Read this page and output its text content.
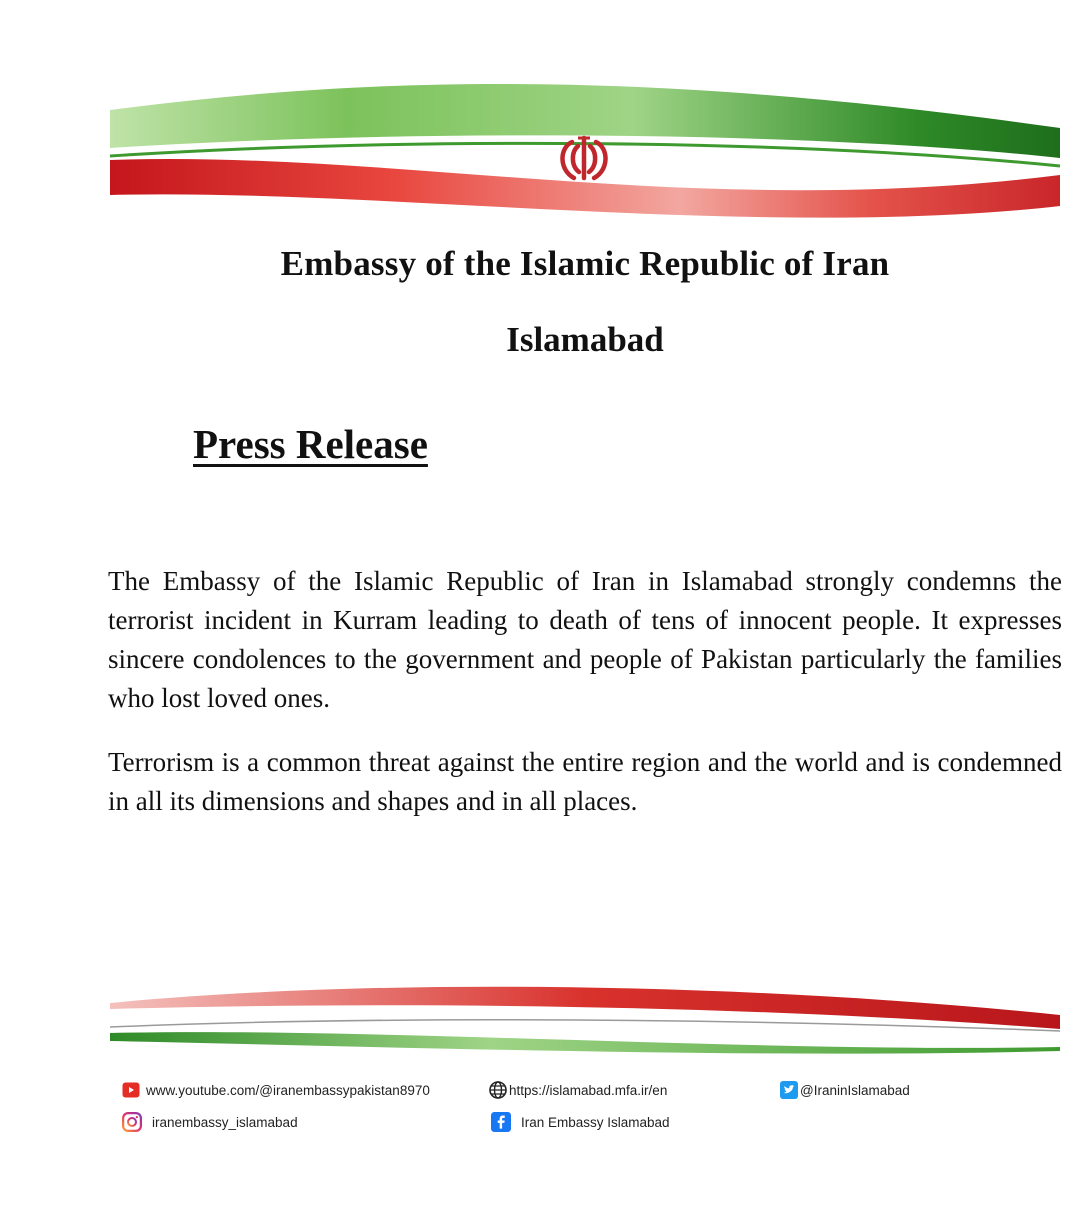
Embassy of the Islamic Republic of Iran
Islamabad
Press Release

The Embassy of the Islamic Republic of Iran in Islamabad strongly condemns the terrorist incident in Kurram leading to death of tens of innocent people. It expresses sincere condolences to the government and people of Pakistan particularly the families who lost loved ones.

Terrorism is a common threat against the entire region and the world and is condemned in all its dimensions and shapes and in all places.

www.youtube.com/@iranembassypakistan8970	https://islamabad.mfa.ir/en	@IraninIslamabad
iranembassy_islamabad	Iran Embassy Islamabad
